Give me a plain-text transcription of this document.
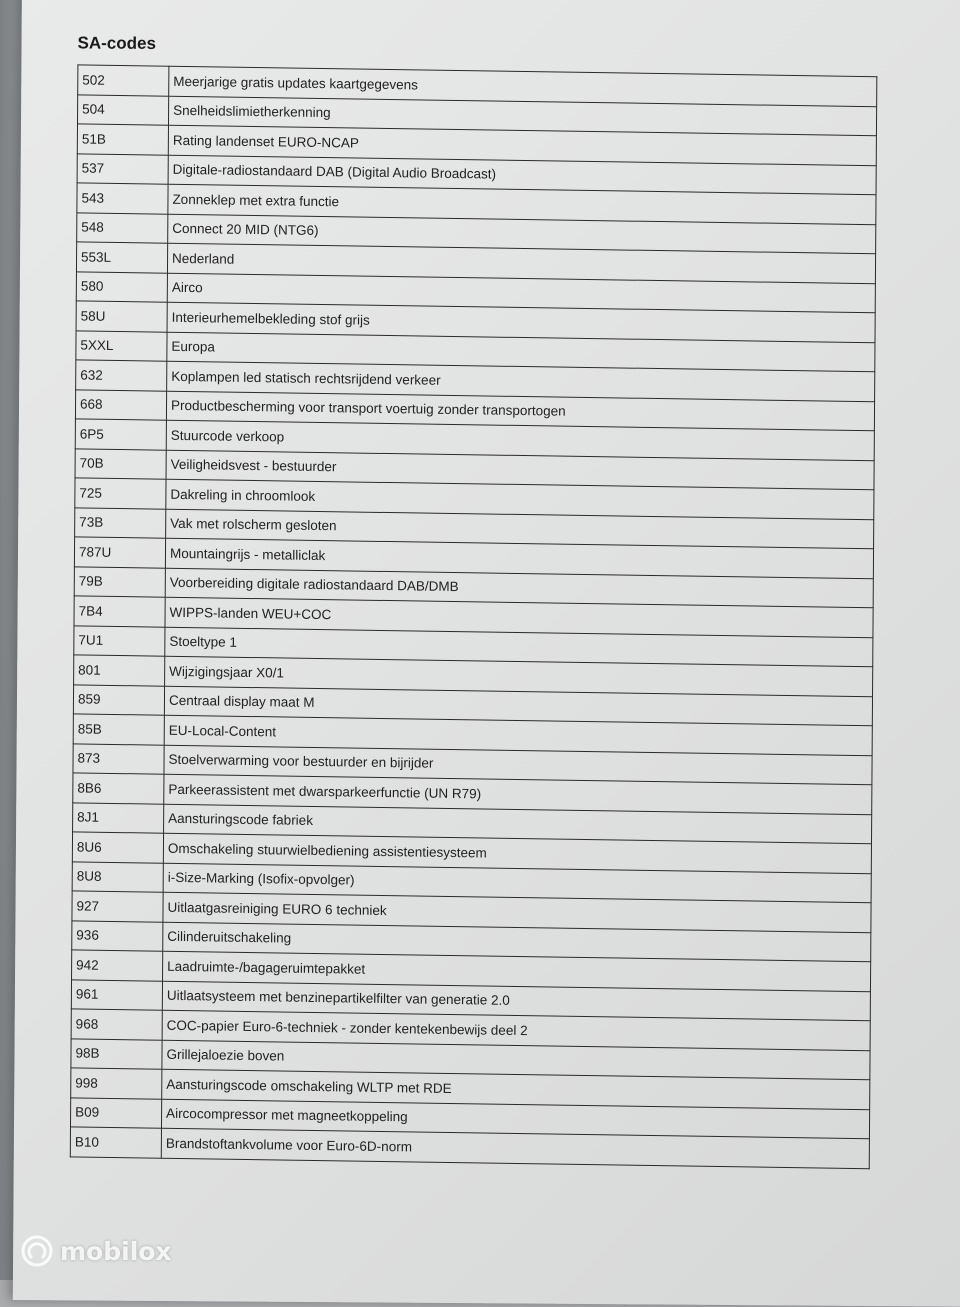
SA-codes
502	Meerjarige gratis updates kaartgegevens
504	Snelheidslimietherkenning
51B	Rating landenset EURO-NCAP
537	Digitale-radiostandaard DAB (Digital Audio Broadcast)
543	Zonneklep met extra functie
548	Connect 20 MID (NTG6)
553L	Nederland
580	Airco
58U	Interieurhemelbekleding stof grijs
5XXL	Europa
632	Koplampen led statisch rechtsrijdend verkeer
668	Productbescherming voor transport voertuig zonder transportogen
6P5	Stuurcode verkoop
70B	Veiligheidsvest - bestuurder
725	Dakreling in chroomlook
73B	Vak met rolscherm gesloten
787U	Mountaingrijs - metalliclak
79B	Voorbereiding digitale radiostandaard DAB/DMB
7B4	WIPPS-landen WEU+COC
7U1	Stoeltype 1
801	Wijzigingsjaar X0/1
859	Centraal display maat M
85B	EU-Local-Content
873	Stoelverwarming voor bestuurder en bijrijder
8B6	Parkeerassistent met dwarsparkeerfunctie (UN R79)
8J1	Aansturingscode fabriek
8U6	Omschakeling stuurwielbediening assistentiesysteem
8U8	i-Size-Marking (Isofix-opvolger)
927	Uitlaatgasreiniging EURO 6 techniek
936	Cilinderuitschakeling
942	Laadruimte-/bagageruimtepakket
961	Uitlaatsysteem met benzinepartikelfilter van generatie 2.0
968	COC-papier Euro-6-techniek - zonder kentekenbewijs deel 2
98B	Grillejaloezie boven
998	Aansturingscode omschakeling WLTP met RDE
B09	Aircocompressor met magneetkoppeling
B10	Brandstoftankvolume voor Euro-6D-norm
mobilox
